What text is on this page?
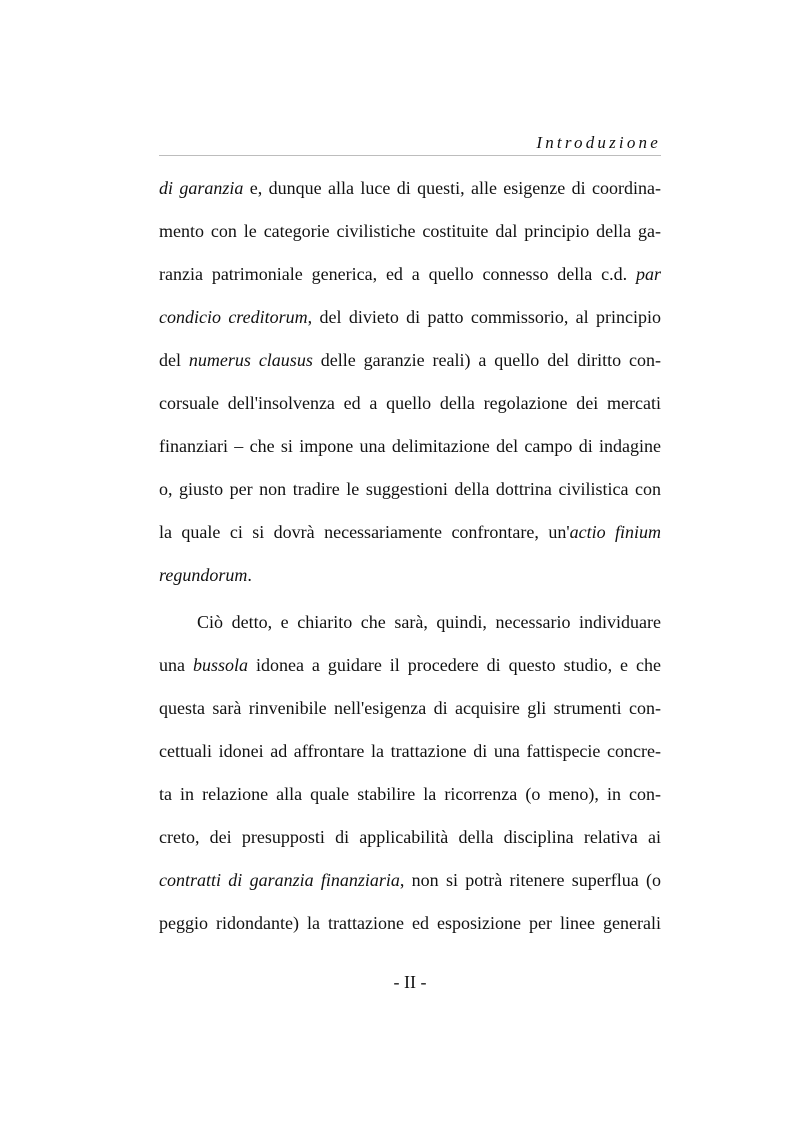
Introduzione
di garanzia e, dunque alla luce di questi, alle esigenze di coordina-
mento con le categorie civilistiche costituite dal principio della ga-
ranzia patrimoniale generica, ed a quello connesso della c.d. par
condicio creditorum, del divieto di patto commissorio, al principio
del numerus clausus delle garanzie reali) a quello del diritto con-
corsuale dell'insolvenza ed a quello della regolazione dei mercati
finanziari – che si impone una delimitazione del campo di indagine
o, giusto per non tradire le suggestioni della dottrina civilistica con
la quale ci si dovrà necessariamente confrontare, un'actio finium
regundorum.
Ciò detto, e chiarito che sarà, quindi, necessario individuare
una bussola idonea a guidare il procedere di questo studio, e che
questa sarà rinvenibile nell'esigenza di acquisire gli strumenti con-
cettuali idonei ad affrontare la trattazione di una fattispecie concre-
ta in relazione alla quale stabilire la ricorrenza (o meno), in con-
creto, dei presupposti di applicabilità della disciplina relativa ai
contratti di garanzia finanziaria, non si potrà ritenere superflua (o
peggio ridondante) la trattazione ed esposizione per linee generali
- II -
